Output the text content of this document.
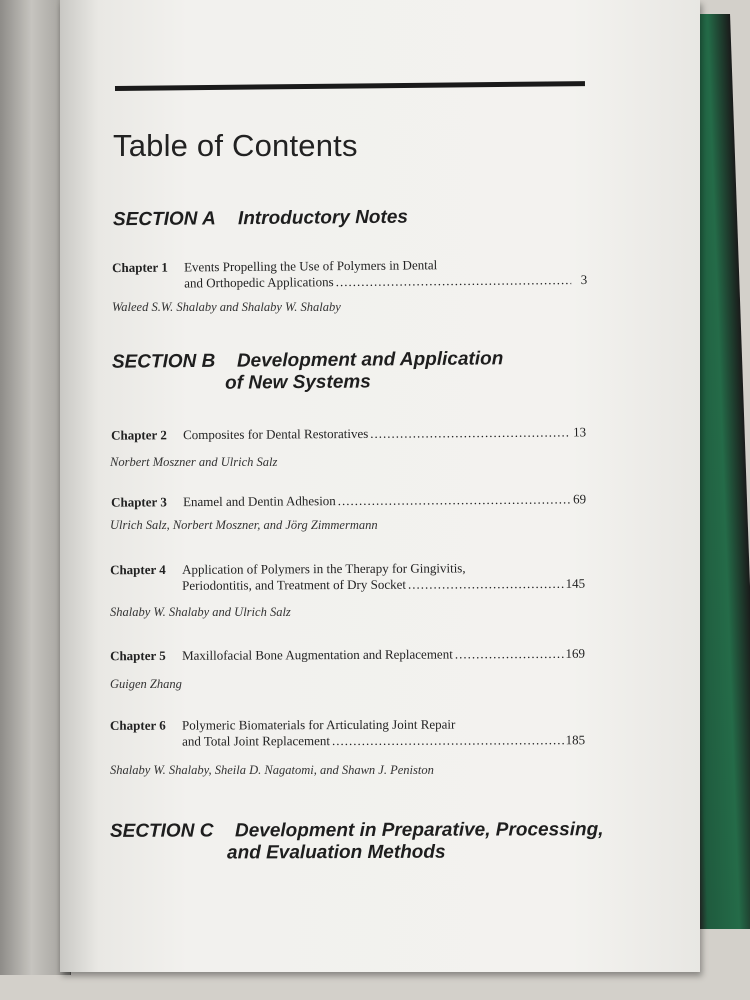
Table of Contents
SECTION A Introductory Notes
Chapter 1 Events Propelling the Use of Polymers in Dental
and Orthopedic Applications .....	3
Waleed S.W. Shalaby and Shalaby W. Shalaby
SECTION B Development and Application
of New Systems
Chapter 2 Composites for Dental Restoratives .....	13
Norbert Moszner and Ulrich Salz
Chapter 3 Enamel and Dentin Adhesion .....	69
Ulrich Salz, Norbert Moszner, and Jörg Zimmermann
Chapter 4 Application of Polymers in the Therapy for Gingivitis,
Periodontitis, and Treatment of Dry Socket .....	145
Shalaby W. Shalaby and Ulrich Salz
Chapter 5 Maxillofacial Bone Augmentation and Replacement .....	169
Guigen Zhang
Chapter 6 Polymeric Biomaterials for Articulating Joint Repair
and Total Joint Replacement .....	185
Shalaby W. Shalaby, Sheila D. Nagatomi, and Shawn J. Peniston
SECTION C Development in Preparative, Processing,
and Evaluation Methods
